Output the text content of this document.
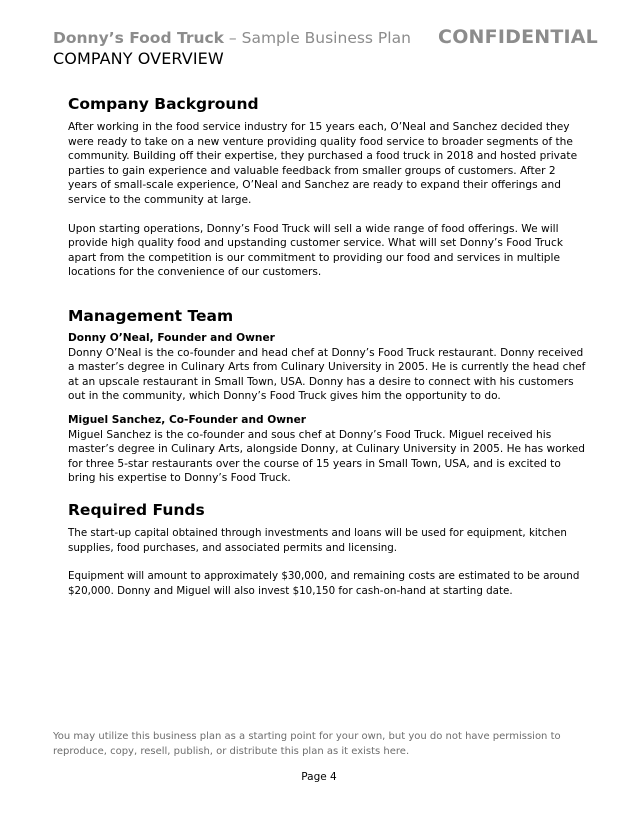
Donny’s Food Truck – Sample Business Plan	CONFIDENTIAL
COMPANY OVERVIEW
Company Background

After working in the food service industry for 15 years each, O’Neal and Sanchez decided they were ready to take on a new venture providing quality food service to broader segments of the community. Building off their expertise, they purchased a food truck in 2018 and hosted private parties to gain experience and valuable feedback from smaller groups of customers. After 2 years of small-scale experience, O’Neal and Sanchez are ready to expand their offerings and service to the community at large.

Upon starting operations, Donny’s Food Truck will sell a wide range of food offerings. We will provide high quality food and upstanding customer service. What will set Donny’s Food Truck apart from the competition is our commitment to providing our food and services in multiple locations for the convenience of our customers.

Management Team
Donny O’Neal, Founder and Owner

Donny O’Neal is the co-founder and head chef at Donny’s Food Truck restaurant. Donny received a master’s degree in Culinary Arts from Culinary University in 2005. He is currently the head chef at an upscale restaurant in Small Town, USA. Donny has a desire to connect with his customers out in the community, which Donny’s Food Truck gives him the opportunity to do.

Miguel Sanchez, Co-Founder and Owner

Miguel Sanchez is the co-founder and sous chef at Donny’s Food Truck. Miguel received his master’s degree in Culinary Arts, alongside Donny, at Culinary University in 2005. He has worked for three 5-star restaurants over the course of 15 years in Small Town, USA, and is excited to bring his expertise to Donny’s Food Truck.

Required Funds

The start-up capital obtained through investments and loans will be used for equipment, kitchen supplies, food purchases, and associated permits and licensing.

Equipment will amount to approximately $30,000, and remaining costs are estimated to be around $20,000. Donny and Miguel will also invest $10,150 for cash-on-hand at starting date.

You may utilize this business plan as a starting point for your own, but you do not have permission to reproduce, copy, resell, publish, or distribute this plan as it exists here.
Page 4
